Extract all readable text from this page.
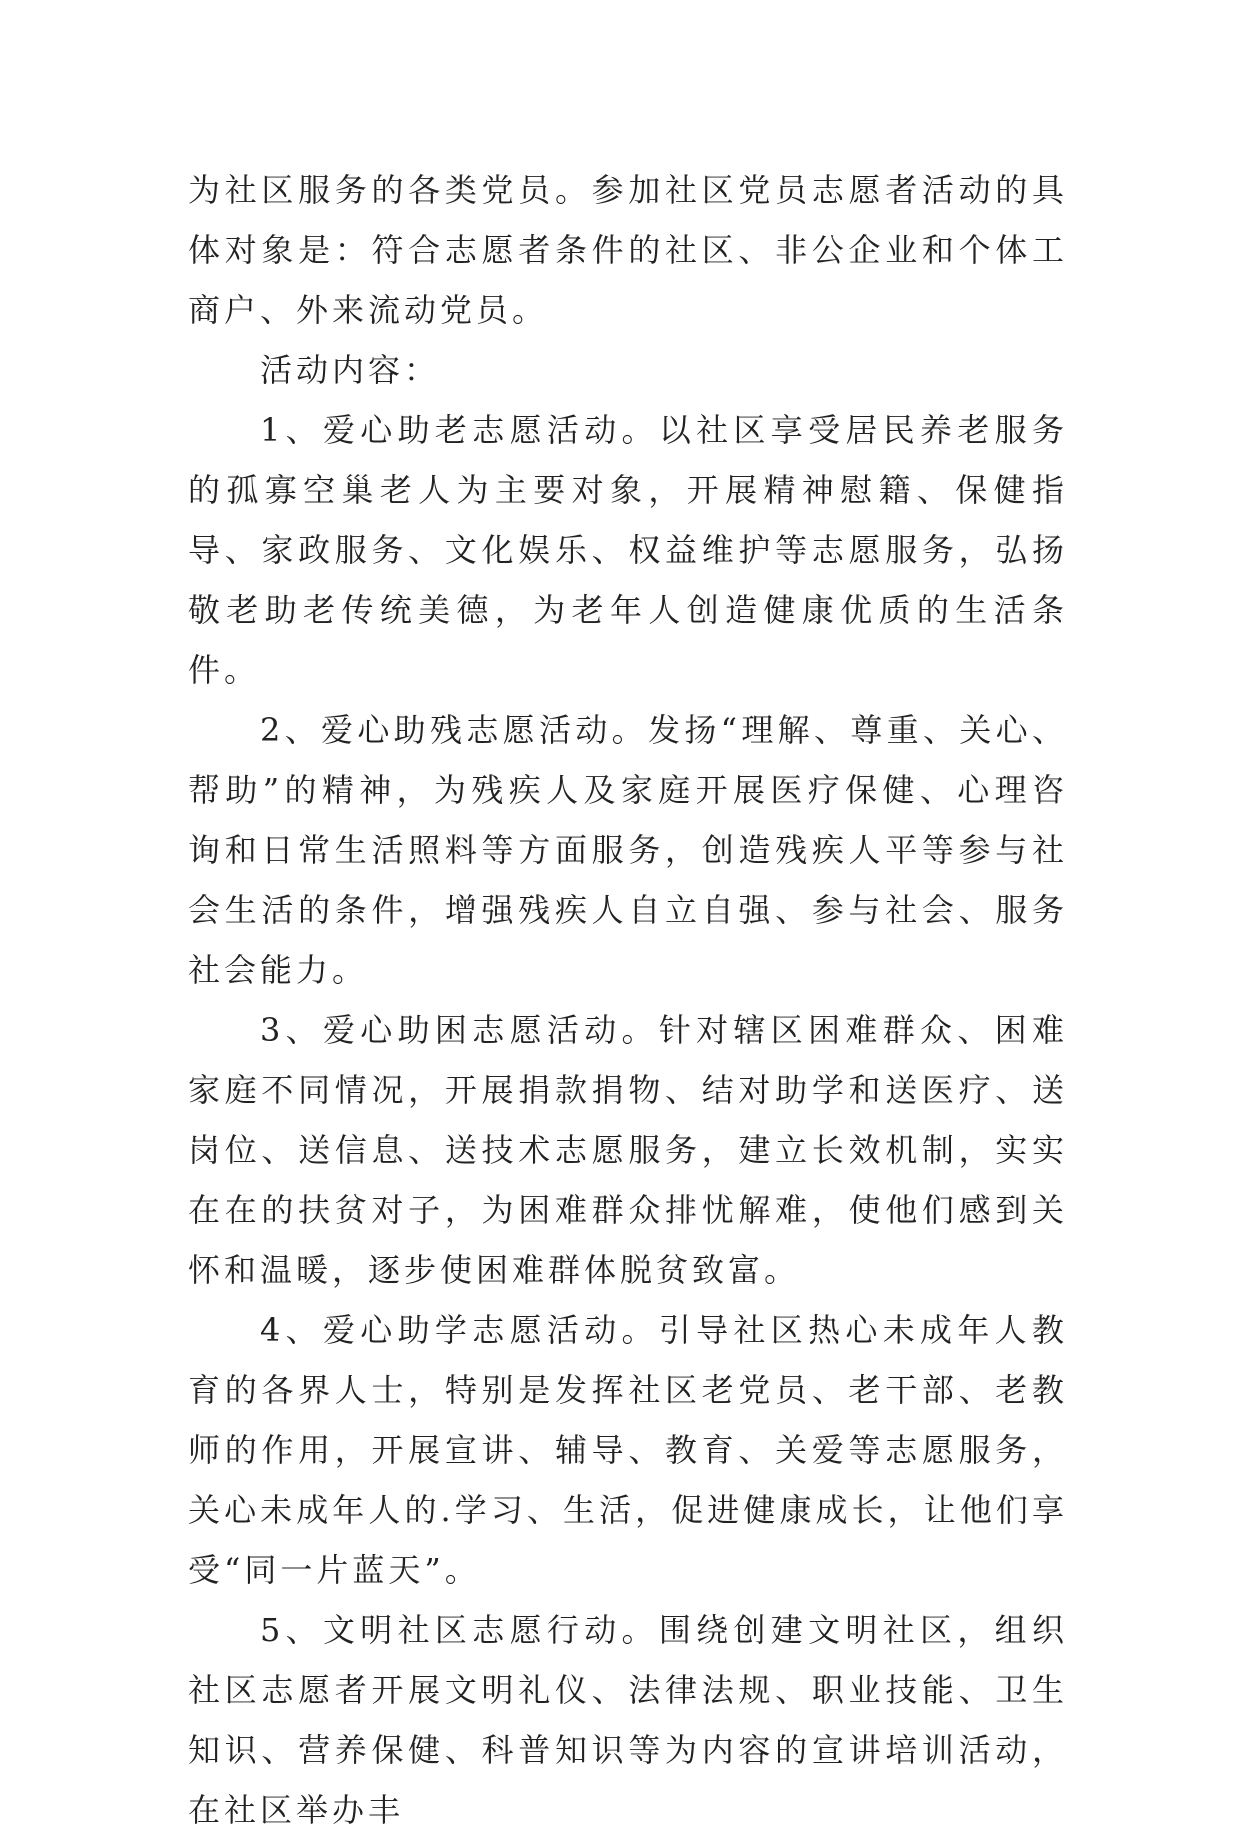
为社区服务的各类党员。参加社区党员志愿者活动的具体对象是：符合志愿者条件的社区、非公企业和个体工商户、外来流动党员。

活动内容：

1、爱心助老志愿活动。以社区享受居民养老服务的孤寡空巢老人为主要对象，开展精神慰籍、保健指导、家政服务、文化娱乐、权益维护等志愿服务，弘扬敬老助老传统美德，为老年人创造健康优质的生活条件。

2、爱心助残志愿活动。发扬“理解、尊重、关心、帮助”的精神，为残疾人及家庭开展医疗保健、心理咨询和日常生活照料等方面服务，创造残疾人平等参与社会生活的条件，增强残疾人自立自强、参与社会、服务社会能力。

3、爱心助困志愿活动。针对辖区困难群众、困难家庭不同情况，开展捐款捐物、结对助学和送医疗、送岗位、送信息、送技术志愿服务，建立长效机制，实实在在的扶贫对子，为困难群众排忧解难，使他们感到关怀和温暖，逐步使困难群体脱贫致富。

4、爱心助学志愿活动。引导社区热心未成年人教育的各界人士，特别是发挥社区老党员、老干部、老教师的作用，开展宣讲、辅导、教育、关爱等志愿服务，关心未成年人的.学习、生活，促进健康成长，让他们享受“同一片蓝天”。

5、文明社区志愿行动。围绕创建文明社区，组织社区志愿者开展文明礼仪、法律法规、职业技能、卫生知识、营养保健、科普知识等为内容的宣讲培训活动，在社区举办丰
